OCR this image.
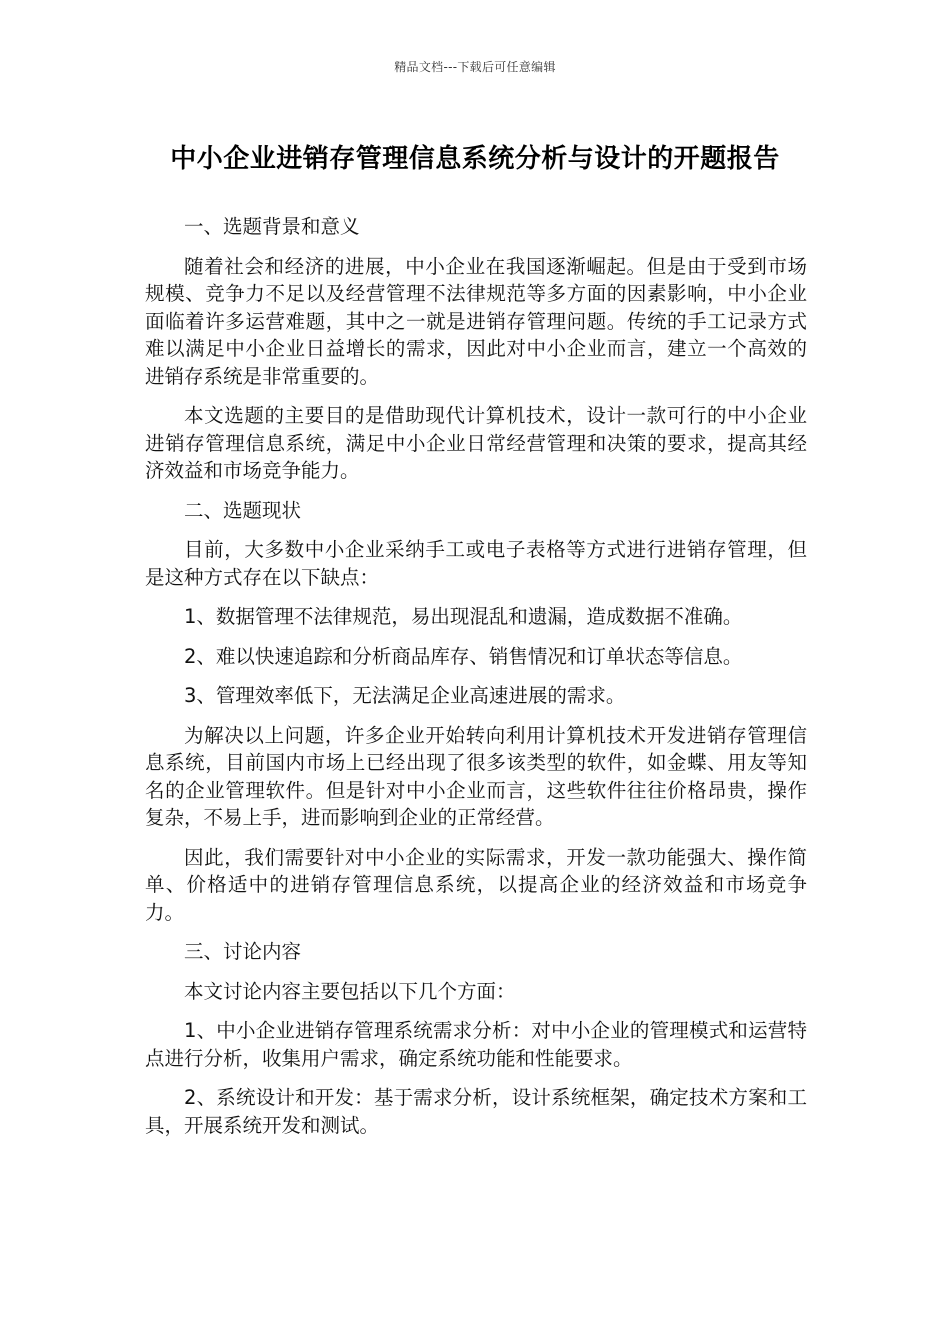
精品文档---下载后可任意编辑
中小企业进销存管理信息系统分析与设计的开题报告

一、选题背景和意义

随着社会和经济的进展，中小企业在我国逐渐崛起。但是由于受到市场规模、竞争力不足以及经营管理不法律规范等多方面的因素影响，中小企业面临着许多运营难题，其中之一就是进销存管理问题。传统的手工记录方式难以满足中小企业日益增长的需求，因此对中小企业而言，建立一个高效的进销存系统是非常重要的。

本文选题的主要目的是借助现代计算机技术，设计一款可行的中小企业进销存管理信息系统，满足中小企业日常经营管理和决策的要求，提高其经济效益和市场竞争能力。

二、选题现状

目前，大多数中小企业采纳手工或电子表格等方式进行进销存管理，但是这种方式存在以下缺点：

1、数据管理不法律规范，易出现混乱和遗漏，造成数据不准确。

2、难以快速追踪和分析商品库存、销售情况和订单状态等信息。

3、管理效率低下，无法满足企业高速进展的需求。

为解决以上问题，许多企业开始转向利用计算机技术开发进销存管理信息系统，目前国内市场上已经出现了很多该类型的软件，如金蝶、用友等知名的企业管理软件。但是针对中小企业而言，这些软件往往价格昂贵，操作复杂，不易上手，进而影响到企业的正常经营。

因此，我们需要针对中小企业的实际需求，开发一款功能强大、操作简单、价格适中的进销存管理信息系统，以提高企业的经济效益和市场竞争力。

三、讨论内容

本文讨论内容主要包括以下几个方面：

1、中小企业进销存管理系统需求分析：对中小企业的管理模式和运营特点进行分析，收集用户需求，确定系统功能和性能要求。

2、系统设计和开发：基于需求分析，设计系统框架，确定技术方案和工具，开展系统开发和测试。
